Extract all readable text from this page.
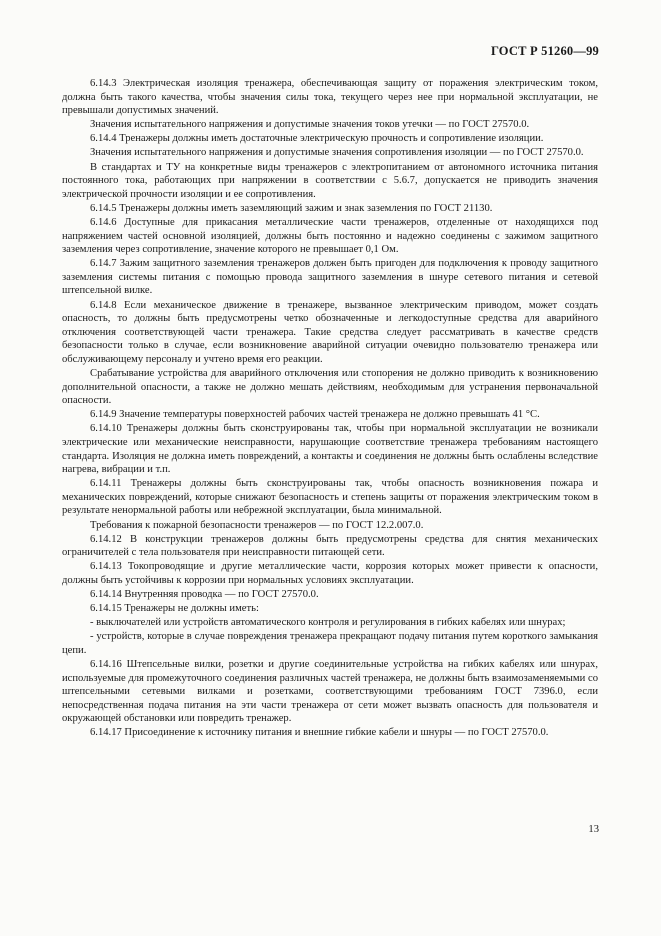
ГОСТ Р 51260—99

6.14.3 Электрическая изоляция тренажера, обеспечивающая защиту от поражения электрическим током, должна быть такого качества, чтобы значения силы тока, текущего через нее при нормальной эксплуатации, не превышали допустимых значений.

Значения испытательного напряжения и допустимые значения токов утечки — по ГОСТ 27570.0.

6.14.4 Тренажеры должны иметь достаточные электрическую прочность и сопротивление изоляции.

Значения испытательного напряжения и допустимые значения сопротивления изоляции — по ГОСТ 27570.0.

В стандартах и ТУ на конкретные виды тренажеров с электропитанием от автономного источника питания постоянного тока, работающих при напряжении в соответствии с 5.6.7, допускается не приводить значения электрической прочности изоляции и ее сопротивления.

6.14.5 Тренажеры должны иметь заземляющий зажим и знак заземления по ГОСТ 21130.

6.14.6 Доступные для прикасания металлические части тренажеров, отделенные от находящихся под напряжением частей основной изоляцией, должны быть постоянно и надежно соединены с зажимом защитного заземления через сопротивление, значение которого не превышает 0,1 Ом.

6.14.7 Зажим защитного заземления тренажеров должен быть пригоден для подключения к проводу защитного заземления системы питания с помощью провода защитного заземления в шнуре сетевого питания и сетевой штепсельной вилке.

6.14.8 Если механическое движение в тренажере, вызванное электрическим приводом, может создать опасность, то должны быть предусмотрены четко обозначенные и легкодоступные средства для аварийного отключения соответствующей части тренажера. Такие средства следует рассматривать в качестве средств безопасности только в случае, если возникновение аварийной ситуации очевидно пользователю тренажера или обслуживающему персоналу и учтено время его реакции.

Срабатывание устройства для аварийного отключения или стопорения не должно приводить к возникновению дополнительной опасности, а также не должно мешать действиям, необходимым для устранения первоначальной опасности.

6.14.9 Значение температуры поверхностей рабочих частей тренажера не должно превышать 41 °С.

6.14.10 Тренажеры должны быть сконструированы так, чтобы при нормальной эксплуатации не возникали электрические или механические неисправности, нарушающие соответствие тренажера требованиям настоящего стандарта. Изоляция не должна иметь повреждений, а контакты и соединения не должны быть ослаблены вследствие нагрева, вибрации и т.п.

6.14.11 Тренажеры должны быть сконструированы так, чтобы опасность возникновения пожара и механических повреждений, которые снижают безопасность и степень защиты от поражения электрическим током в результате ненормальной работы или небрежной эксплуатации, была минимальной.

Требования к пожарной безопасности тренажеров — по ГОСТ 12.2.007.0.

6.14.12 В конструкции тренажеров должны быть предусмотрены средства для снятия механических ограничителей с тела пользователя при неисправности питающей сети.

6.14.13 Токопроводящие и другие металлические части, коррозия которых может привести к опасности, должны быть устойчивы к коррозии при нормальных условиях эксплуатации.

6.14.14 Внутренняя проводка — по ГОСТ 27570.0.

6.14.15 Тренажеры не должны иметь:

- выключателей или устройств автоматического контроля и регулирования в гибких кабелях или шнурах;

- устройств, которые в случае повреждения тренажера прекращают подачу питания путем короткого замыкания цепи.

6.14.16 Штепсельные вилки, розетки и другие соединительные устройства на гибких кабелях или шнурах, используемые для промежуточного соединения различных частей тренажера, не должны быть взаимозаменяемыми со штепсельными сетевыми вилками и розетками, соответствующими требованиям ГОСТ 7396.0, если непосредственная подача питания на эти части тренажера от сети может вызвать опасность для пользователя и окружающей обстановки или повредить тренажер.

6.14.17 Присоединение к источнику питания и внешние гибкие кабели и шнуры — по ГОСТ 27570.0.

13
